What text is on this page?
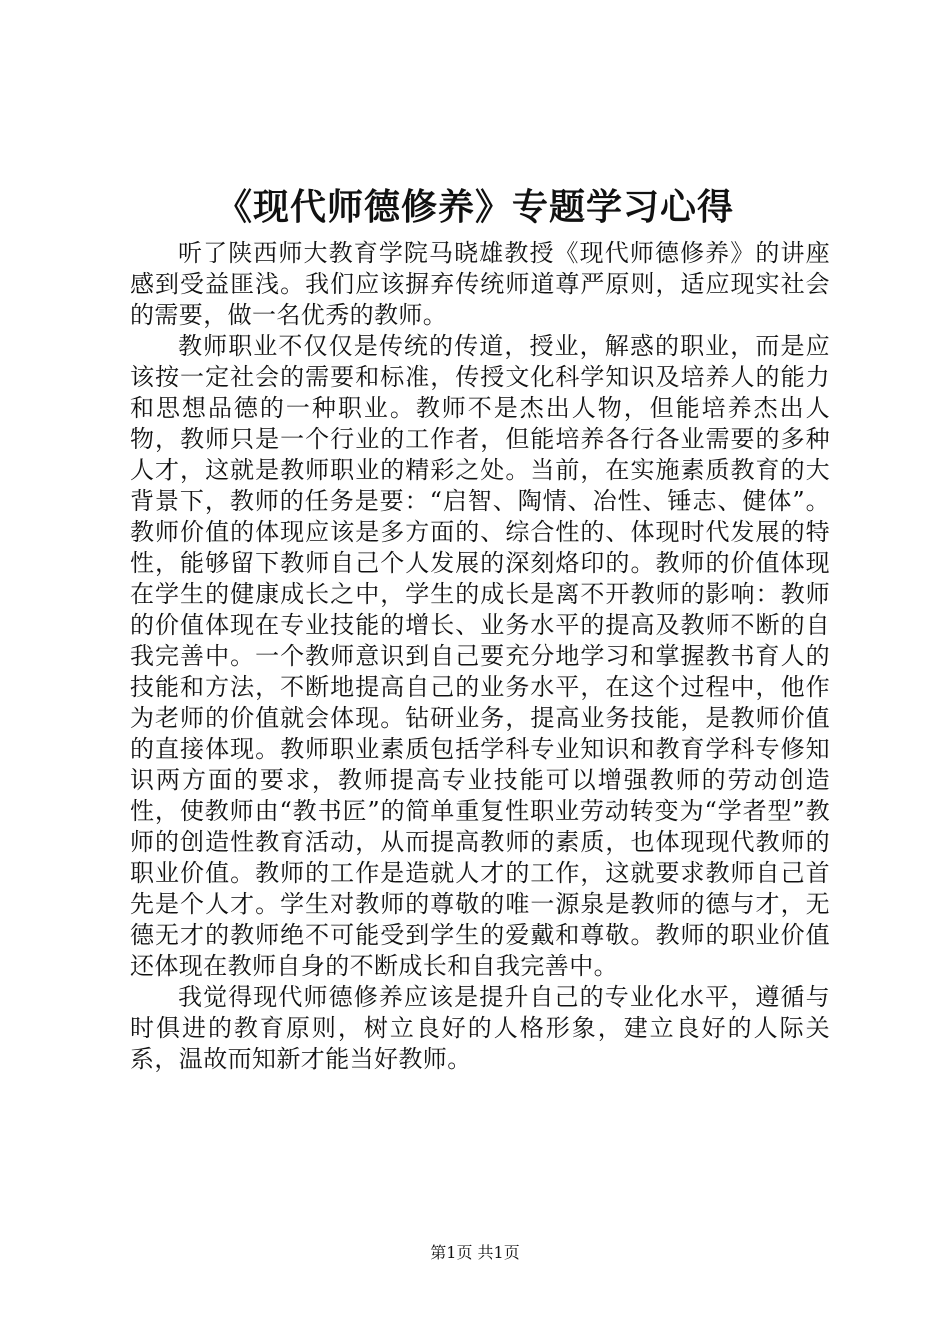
《现代师德修养》专题学习心得

听了陕西师大教育学院马晓雄教授《现代师德修养》的讲座感到受益匪浅。我们应该摒弃传统师道尊严原则，适应现实社会的需要，做一名优秀的教师。

教师职业不仅仅是传统的传道，授业，解惑的职业，而是应该按一定社会的需要和标准，传授文化科学知识及培养人的能力和思想品德的一种职业。教师不是杰出人物，但能培养杰出人物，教师只是一个行业的工作者，但能培养各行各业需要的多种人才，这就是教师职业的精彩之处。当前，在实施素质教育的大背景下，教师的任务是要：“启智、陶情、冶性、锤志、健体”。教师价值的体现应该是多方面的、综合性的、体现时代发展的特性，能够留下教师自己个人发展的深刻烙印的。教师的价值体现在学生的健康成长之中，学生的成长是离不开教师的影响：教师的价值体现在专业技能的增长、业务水平的提高及教师不断的自我完善中。一个教师意识到自己要充分地学习和掌握教书育人的技能和方法，不断地提高自己的业务水平，在这个过程中，他作为老师的价值就会体现。钻研业务，提高业务技能，是教师价值的直接体现。教师职业素质包括学科专业知识和教育学科专修知识两方面的要求，教师提高专业技能可以增强教师的劳动创造性，使教师由“教书匠”的简单重复性职业劳动转变为“学者型”教师的创造性教育活动，从而提高教师的素质，也体现现代教师的职业价值。教师的工作是造就人才的工作，这就要求教师自己首先是个人才。学生对教师的尊敬的唯一源泉是教师的德与才，无德无才的教师绝不可能受到学生的爱戴和尊敬。教师的职业价值还体现在教师自身的不断成长和自我完善中。

我觉得现代师德修养应该是提升自己的专业化水平，遵循与时俱进的教育原则，树立良好的人格形象，建立良好的人际关系，温故而知新才能当好教师。

第1页 共1页
